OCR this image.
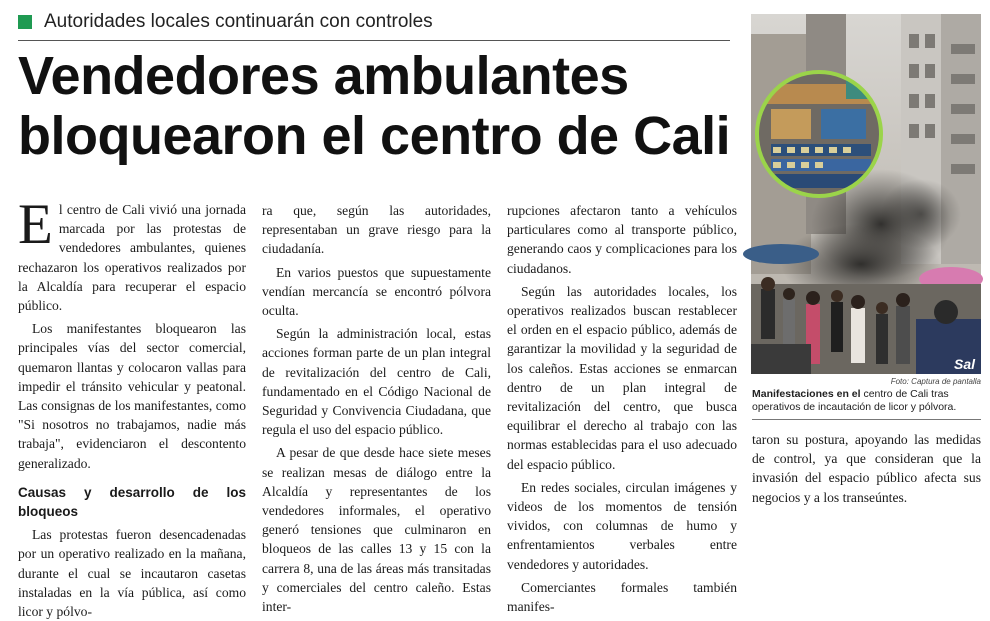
Autoridades locales continuarán con controles
Vendedores ambulantes
bloquearon el centro de Cali

E l centro de Cali vivió una jornada marcada por las protestas de vendedores ambulantes, quienes rechazaron los operativos realizados por la Alcaldía para recuperar el espacio público.

Los manifestantes bloquearon las principales vías del sector comercial, quemaron llantas y colocaron vallas para impedir el tránsito vehicular y peatonal. Las consignas de los manifestantes, como "Si nosotros no trabajamos, nadie más trabaja", evidenciaron el descontento generalizado.

Causas y desarrollo de los bloqueos

Las protestas fueron desencadenadas por un operativo realizado en la mañana, durante el cual se incautaron casetas instaladas en la vía pública, así como licor y pólvo-

ra que, según las autoridades, representaban un grave riesgo para la ciudadanía.

En varios puestos que supuestamente vendían mercancía se encontró pólvora oculta.

Según la administración local, estas acciones forman parte de un plan integral de revitalización del centro de Cali, fundamentado en el Código Nacional de Seguridad y Convivencia Ciudadana, que regula el uso del espacio público.

A pesar de que desde hace siete meses se realizan mesas de diálogo entre la Alcaldía y representantes de los vendedores informales, el operativo generó tensiones que culminaron en bloqueos de las calles 13 y 15 con la carrera 8, una de las áreas más transitadas y comerciales del centro caleño. Estas inter-

rupciones afectaron tanto a vehículos particulares como al transporte público, generando caos y complicaciones para los ciudadanos.

Según las autoridades locales, los operativos realizados buscan restablecer el orden en el espacio público, además de garantizar la movilidad y la seguridad de los caleños. Estas acciones se enmarcan dentro de un plan integral de revitalización del centro, que busca equilibrar el derecho al trabajo con las normas establecidas para el uso adecuado del espacio público.

En redes sociales, circulan imágenes y videos de los momentos de tensión vividos, con columnas de humo y enfrentamientos verbales entre vendedores y autoridades.

Comerciantes formales también manifes-

Sal
Foto: Captura de pantalla
Manifestaciones en el centro de Cali tras operativos de incautación de licor y pólvora.

taron su postura, apoyando las medidas de control, ya que consideran que la invasión del espacio público afecta sus negocios y a los transeúntes.
